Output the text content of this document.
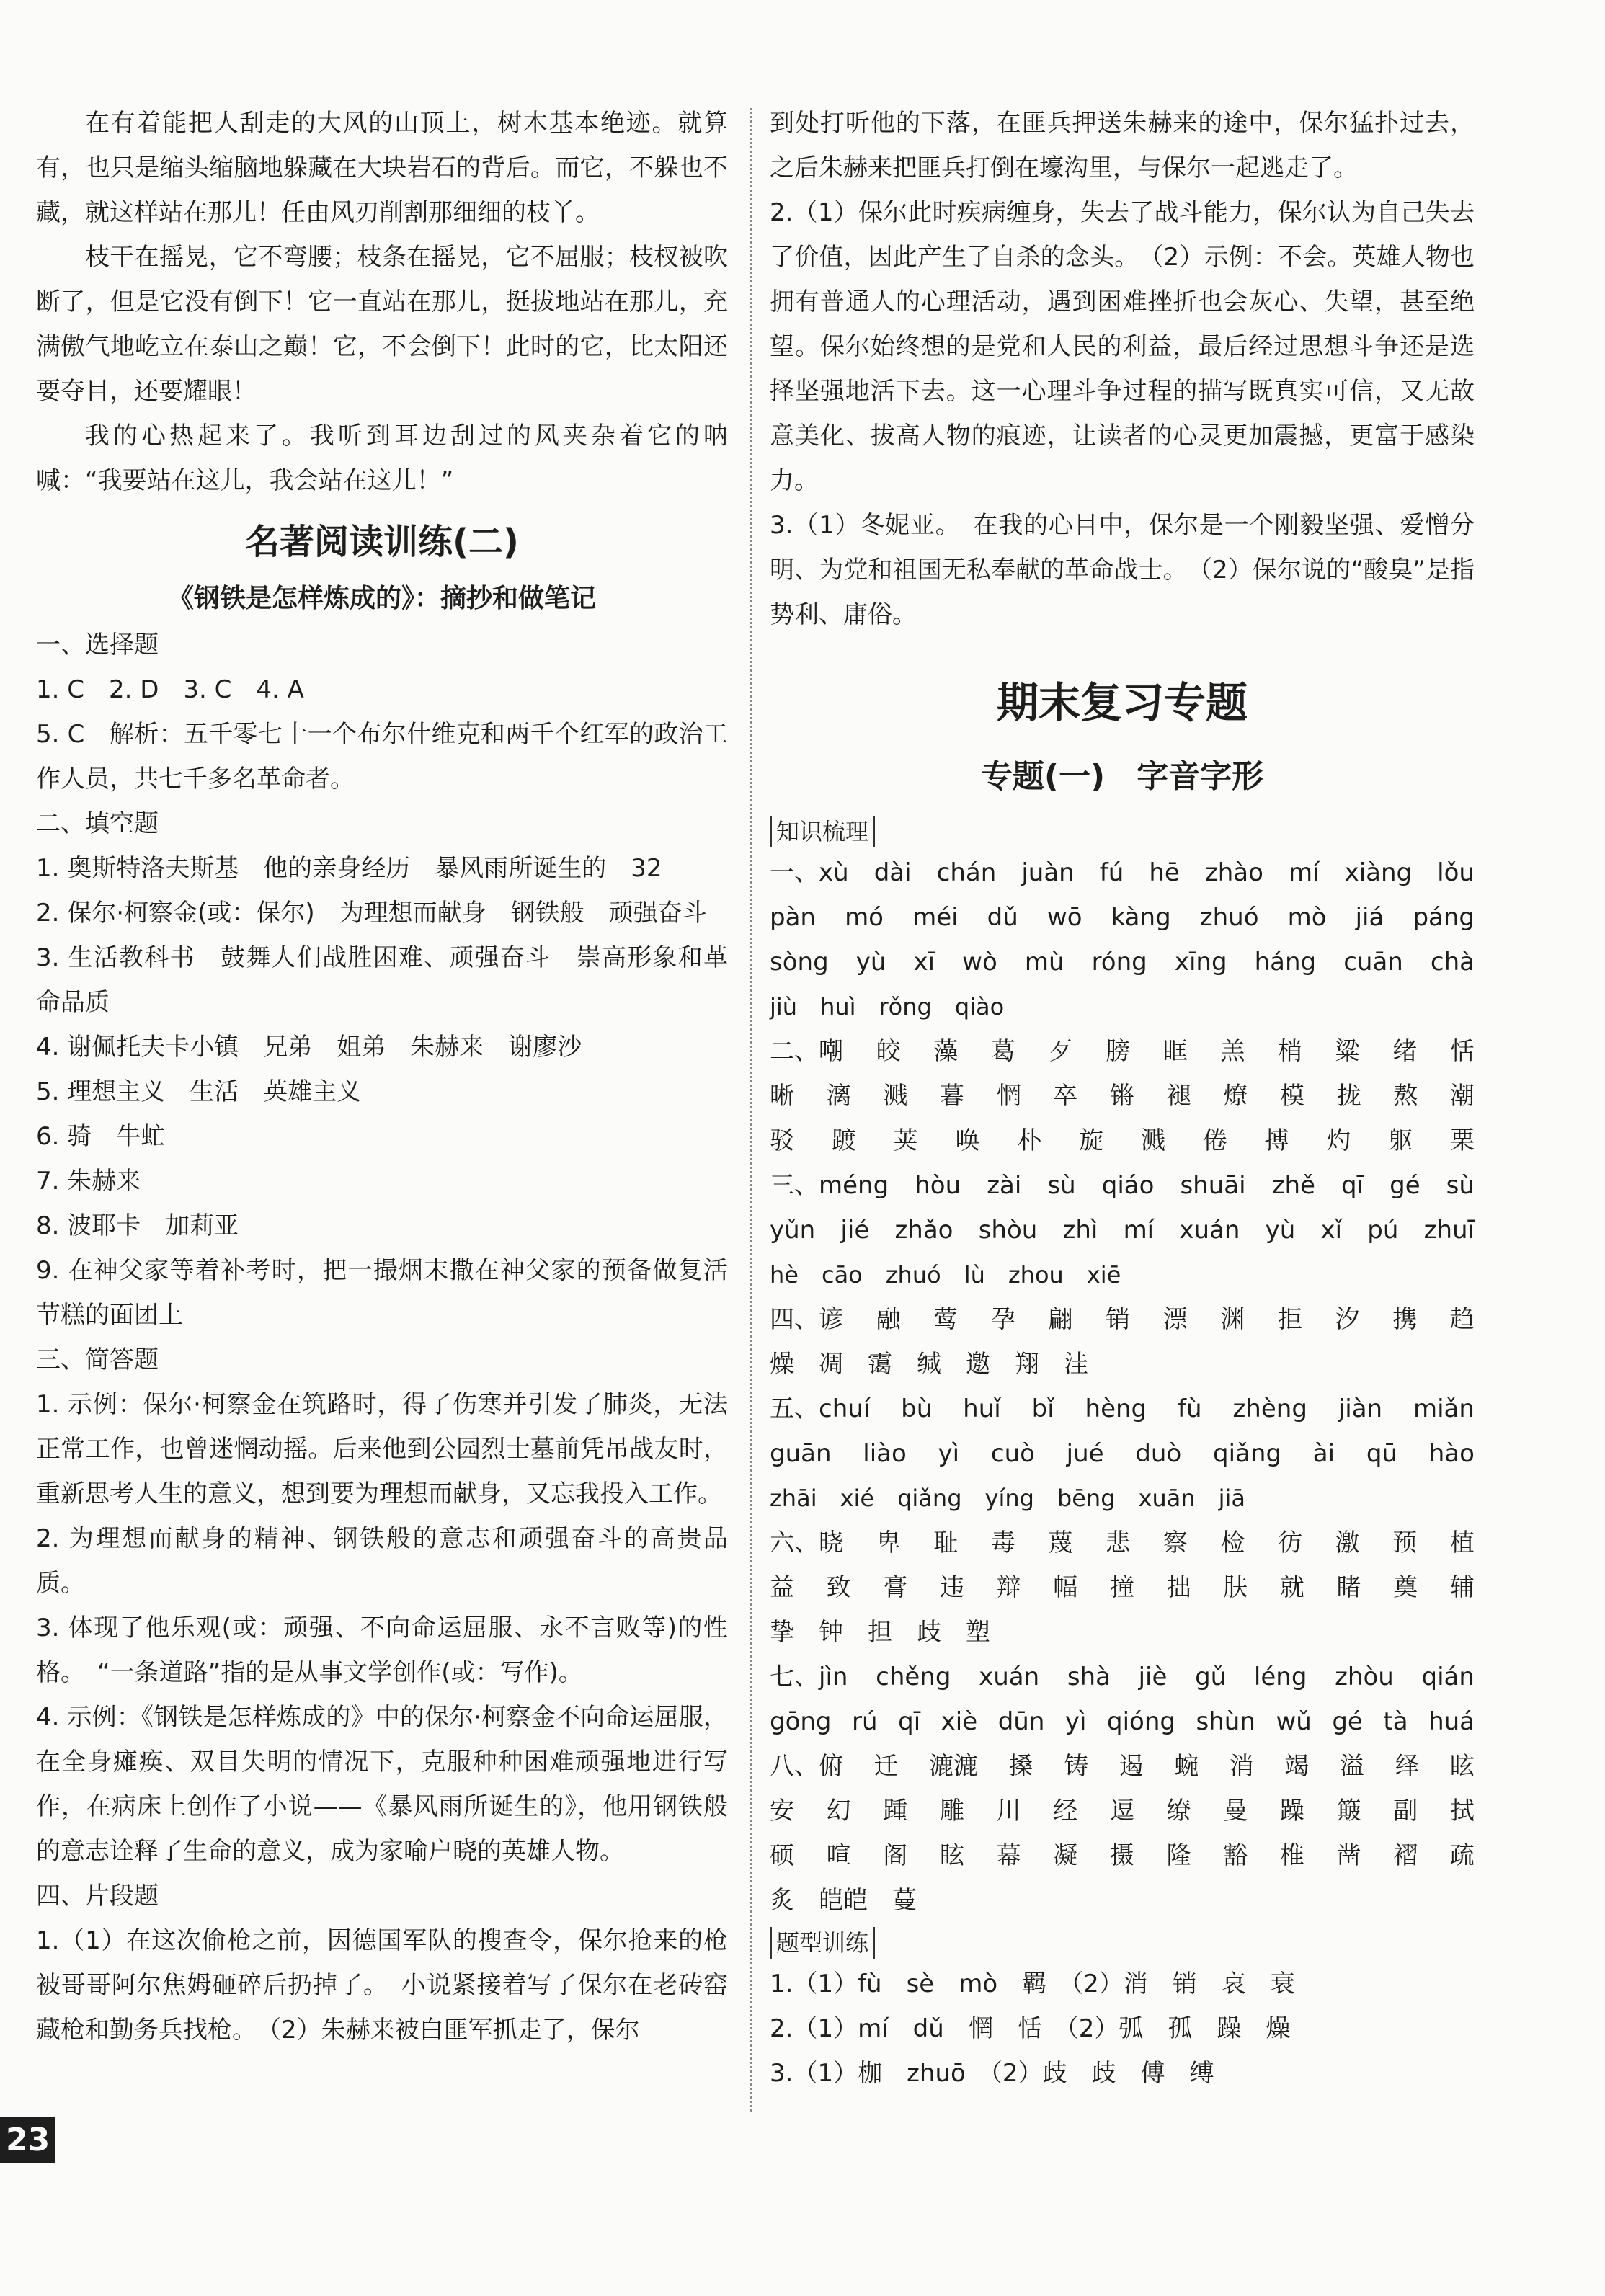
在有着能把人刮走的大风的山顶上，树木基本绝迹。就算有，也只是缩头缩脑地躲藏在大块岩石的背后。而它，不躲也不藏，就这样站在那儿！任由风刃削割那细细的枝丫。

枝干在摇晃，它不弯腰；枝条在摇晃，它不屈服；枝杈被吹断了，但是它没有倒下！它一直站在那儿，挺拔地站在那儿，充满傲气地屹立在泰山之巅！它，不会倒下！此时的它，比太阳还要夺目，还要耀眼！

我的心热起来了。我听到耳边刮过的风夹杂着它的呐喊：“我要站在这儿，我会站在这儿！”

名著阅读训练(二)
《钢铁是怎样炼成的》：摘抄和做笔记

一、选择题

1. C　2. D　3. C　4. A

5. C　解析：五千零七十一个布尔什维克和两千个红军的政治工作人员，共七千多名革命者。

二、填空题

1. 奥斯特洛夫斯基　他的亲身经历　暴风雨所诞生的　32

2. 保尔·柯察金(或：保尔)　为理想而献身　钢铁般　顽强奋斗

3. 生活教科书　鼓舞人们战胜困难、顽强奋斗　崇高形象和革命品质

4. 谢佩托夫卡小镇　兄弟　姐弟　朱赫来　谢廖沙

5. 理想主义　生活　英雄主义

6. 骑　牛虻

7. 朱赫来

8. 波耶卡　加莉亚

9. 在神父家等着补考时，把一撮烟末撒在神父家的预备做复活节糕的面团上

三、简答题

1. 示例：保尔·柯察金在筑路时，得了伤寒并引发了肺炎，无法正常工作，也曾迷惘动摇。后来他到公园烈士墓前凭吊战友时，重新思考人生的意义，想到要为理想而献身，又忘我投入工作。

2. 为理想而献身的精神、钢铁般的意志和顽强奋斗的高贵品质。

3. 体现了他乐观(或：顽强、不向命运屈服、永不言败等)的性格。　“一条道路”指的是从事文学创作(或：写作)。

4. 示例：《钢铁是怎样炼成的》中的保尔·柯察金不向命运屈服，在全身瘫痪、双目失明的情况下，克服种种困难顽强地进行写作，在病床上创作了小说——《暴风雨所诞生的》，他用钢铁般的意志诠释了生命的意义，成为家喻户晓的英雄人物。

四、片段题

1.（1）在这次偷枪之前，因德国军队的搜查令，保尔抢来的枪被哥哥阿尔焦姆砸碎后扔掉了。　小说紧接着写了保尔在老砖窑藏枪和勤务兵找枪。　（2）朱赫来被白匪军抓走了，保尔

到处打听他的下落，在匪兵押送朱赫来的途中，保尔猛扑过去，之后朱赫来把匪兵打倒在壕沟里，与保尔一起逃走了。

2.（1）保尔此时疾病缠身，失去了战斗能力，保尔认为自己失去了价值，因此产生了自杀的念头。　（2）示例：不会。英雄人物也拥有普通人的心理活动，遇到困难挫折也会灰心、失望，甚至绝望。保尔始终想的是党和人民的利益，最后经过思想斗争还是选择坚强地活下去。这一心理斗争过程的描写既真实可信，又无故意美化、拔高人物的痕迹，让读者的心灵更加震撼，更富于感染力。

3.（1）冬妮亚。　在我的心目中，保尔是一个刚毅坚强、爱憎分明、为党和祖国无私奉献的革命战士。　（2）保尔说的“酸臭”是指势利、庸俗。

期末复习专题
专题(一)　字音字形
知识梳理
一、xù dài chán juàn fú hē zhào mí xiàng lǒu
pàn mó méi dǔ wō kàng zhuó mò jiá páng
sòng yù xī wò mù róng xīng háng cuān chà

jiù　huì　rǒng　qiào

二、嘲 皎 藻 葛 歹 膀 眶 羔 梢 粱 绪 恬
晰 漓 溅 暮 惘 卒 锵 褪 燎 模 拢 熬 潮
驳 踱 荚 唤 朴 旋 溅 倦 搏 灼 躯 栗
三、méng hòu zài sù qiáo shuāi zhě qī gé sù
yǔn jié zhǎo shòu zhì mí xuán yù xǐ pú zhuī

hè　cāo　zhuó　lù　zhou　xiē

四、谚 融 莺 孕 翩 销 漂 渊 拒 汐 携 趋

燥　凋　霭　缄　邀　翔　洼

五、chuí bù huǐ bǐ hèng fù zhèng jiàn miǎn
guān liào yì cuò jué duò qiǎng ài qū hào

zhāi　xié　qiǎng　yíng　bēng　xuān　jiā

六、晓 卑 耻 毒 蔑 悲 察 检 彷 激 预 植
益 致 膏 违 辩 幅 撞 拙 肤 就 睹 奠 辅

挚　钟　担　歧　塑

七、jìn chěng xuán shà jiè gǔ léng zhòu qián
gōng rú qī xiè dūn yì qióng shùn wǔ gé tà huá
八、俯 迁 漉漉 搡 铸 遏 蜿 消 竭 溢 绎 眩
安 幻 踵 雕 川 经 逗 缭 曼 躁 簸 副 拭
硕 喧 阁 眩 幕 凝 摄 隆 豁 椎 凿 褶 疏

炙　皑皑　蔓

题型训练

1.（1）fù　sè　mò　羁　（2）消　销　哀　衰

2.（1）mí　dǔ　惘　恬　（2）弧　孤　躁　燥

3.（1）枷　zhuō　（2）歧　歧　傅　缚

23
